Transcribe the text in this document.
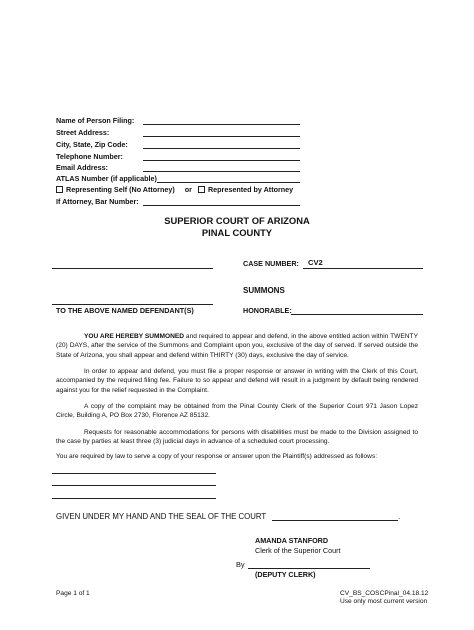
Name of Person Filing:
Street Address:
City, State, Zip Code:
Telephone Number:
Email Address:
ATLAS Number (if applicable)
Representing Self (No Attorney) or Represented by Attorney
If Attorney, Bar Number:
SUPERIOR COURT OF ARIZONA
PINAL COUNTY
CASE NUMBER: CV2
SUMMONS
TO THE ABOVE NAMED DEFENDANT(S)	HONORABLE:
YOU ARE HEREBY SUMMONED and required to appear and defend, in the above entitled action within TWENTY (20) DAYS, after the service of the Summons and Complaint upon you, exclusive of the day of served. If served outside the State of Arizona, you shall appear and defend within THIRTY (30) days, exclusive the day of service.
In order to appear and defend, you must file a proper response or answer in writing with the Clerk of this Court, accompanied by the required filing fee. Failure to so appear and defend will result in a judgment by default being rendered against you for the relief requested in the Complaint.
A copy of the complaint may be obtained from the Pinal County Clerk of the Superior Court 971 Jason Lopez Circle, Building A, PO Box 2730, Florence AZ 85132.
Requests for reasonable accommodations for persons with disabilities must be made to the Division assigned to the case by parties at least three (3) judicial days in advance of a scheduled court processing.
You are required by law to serve a copy of your response or answer upon the Plaintiff(s) addressed as follows:
GIVEN UNDER MY HAND AND THE SEAL OF THE COURT	.
AMANDA STANFORD
Clerk of the Superior Court
By
(DEPUTY CLERK)
Page 1 of 1	CV_BS_COSCPinal_04.18.12
Use only most current version
